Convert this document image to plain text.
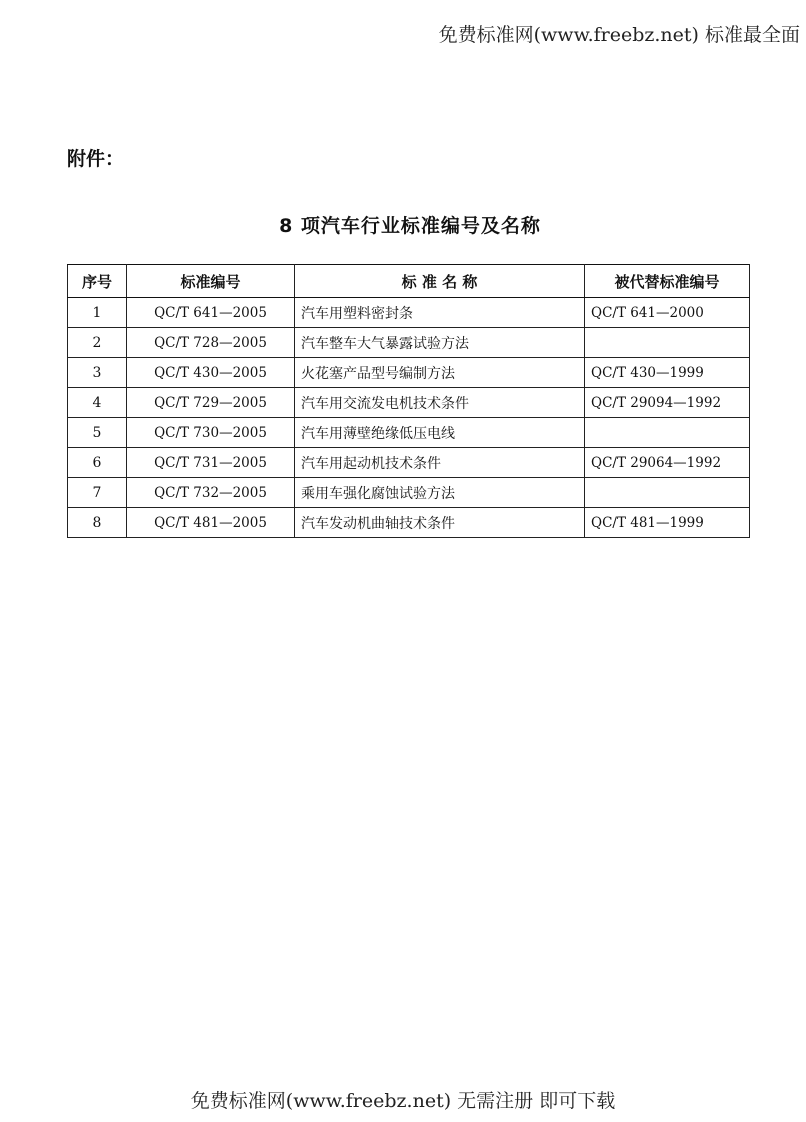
免费标准网(www.freebz.net) 标准最全面
附件：
8 项汽车行业标准编号及名称
序号	标准编号	标 准 名 称	被代替标准编号
1	QC/T 641—2005	汽车用塑料密封条	QC/T 641—2000
2	QC/T 728—2005	汽车整车大气暴露试验方法	
3	QC/T 430—2005	火花塞产品型号编制方法	QC/T 430—1999
4	QC/T 729—2005	汽车用交流发电机技术条件	QC/T 29094—1992
5	QC/T 730—2005	汽车用薄壁绝缘低压电线	
6	QC/T 731—2005	汽车用起动机技术条件	QC/T 29064—1992
7	QC/T 732—2005	乘用车强化腐蚀试验方法	
8	QC/T 481—2005	汽车发动机曲轴技术条件	QC/T 481—1999
免费标准网(www.freebz.net) 无需注册 即可下载
